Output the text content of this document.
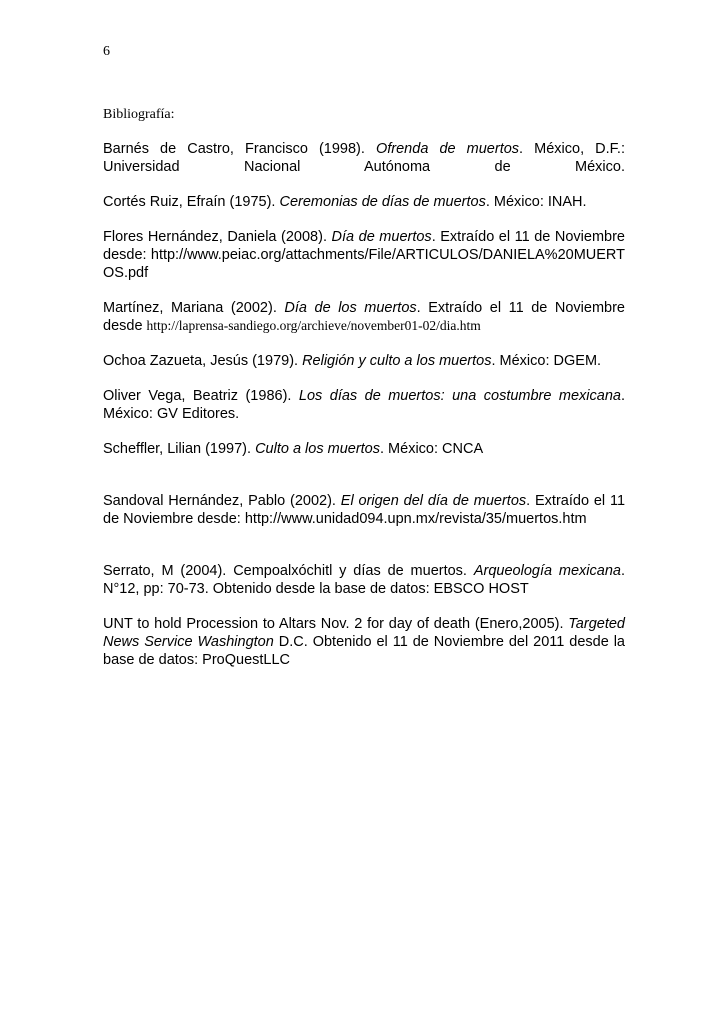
6
Bibliografía:

Barnés de Castro, Francisco (1998). Ofrenda de muertos. México, D.F.: Universidad Nacional Autónoma de México.

Cortés Ruiz, Efraín (1975). Ceremonias de días de muertos. México: INAH.

Flores Hernández, Daniela (2008). Día de muertos. Extraído el 11 de Noviembre desde: http://www.peiac.org/attachments/File/ARTICULOS/DANIELA%20MUERTOS.pdf

Martínez, Mariana (2002). Día de los muertos. Extraído el 11 de Noviembre desde http://laprensa-sandiego.org/archieve/november01-02/dia.htm

Ochoa Zazueta, Jesús (1979). Religión y culto a los muertos. México: DGEM.

Oliver Vega, Beatriz (1986). Los días de muertos: una costumbre mexicana. México: GV Editores.

Scheffler, Lilian (1997). Culto a los muertos. México: CNCA

Sandoval Hernández, Pablo (2002). El origen del día de muertos. Extraído el 11 de Noviembre desde: http://www.unidad094.upn.mx/revista/35/muertos.htm

Serrato, M (2004). Cempoalxóchitl y días de muertos. Arqueología mexicana. N°12, pp: 70-73. Obtenido desde la base de datos: EBSCO HOST

UNT to hold Procession to Altars Nov. 2 for day of death (Enero,2005). Targeted News Service Washington D.C. Obtenido el 11 de Noviembre del 2011 desde la base de datos: ProQuestLLC
